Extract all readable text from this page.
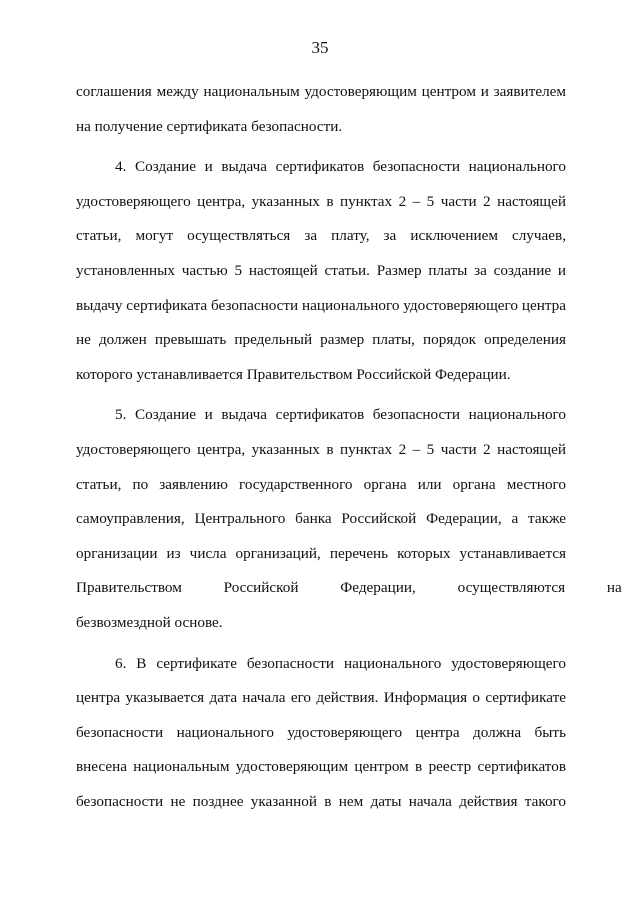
35
соглашения между национальным удостоверяющим центром и заявителем
на получение сертификата безопасности.
4. Создание и выдача сертификатов безопасности национального
удостоверяющего центра, указанных в пунктах 2 – 5 части 2 настоящей
статьи, могут осуществляться за плату, за исключением случаев,
установленных частью 5 настоящей статьи. Размер платы за создание и
выдачу сертификата безопасности национального удостоверяющего центра
не должен превышать предельный размер платы, порядок определения
которого устанавливается Правительством Российской Федерации.
5. Создание и выдача сертификатов безопасности национального
удостоверяющего центра, указанных в пунктах 2 – 5 части 2 настоящей
статьи, по заявлению государственного органа или органа местного
самоуправления, Центрального банка Российской Федерации, а также
организации из числа организаций, перечень которых устанавливается
Правительством Российской Федерации, осуществляются на
безвозмездной основе.
6. В сертификате безопасности национального удостоверяющего
центра указывается дата начала его действия. Информация о сертификате
безопасности национального удостоверяющего центра должна быть
внесена национальным удостоверяющим центром в реестр сертификатов
безопасности не позднее указанной в нем даты начала действия такого
